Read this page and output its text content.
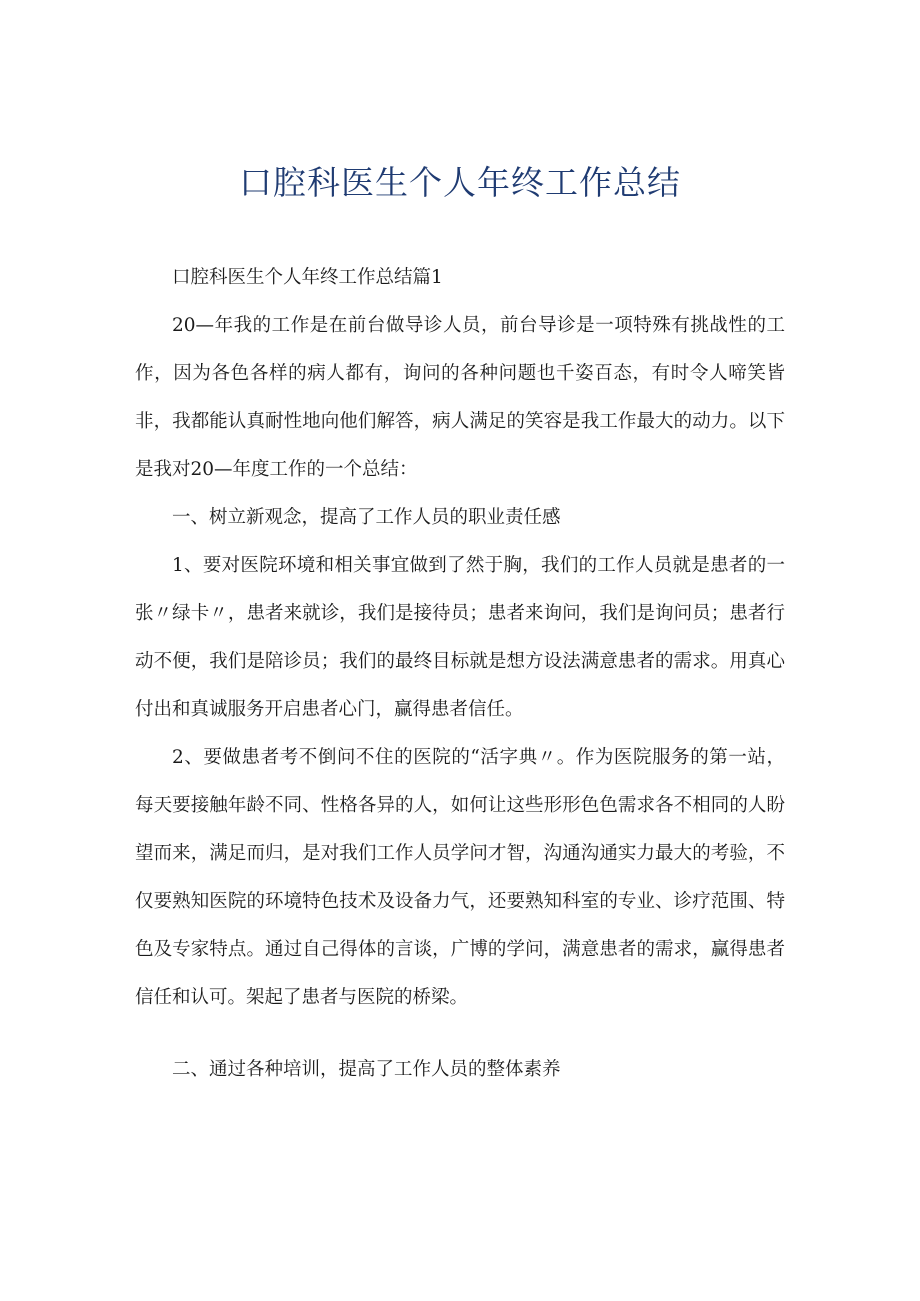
口腔科医生个人年终工作总结

口腔科医生个人年终工作总结篇1

20—年我的工作是在前台做导诊人员，前台导诊是一项特殊有挑战性的工作，因为各色各样的病人都有，询问的各种问题也千姿百态，有时令人啼笑皆非，我都能认真耐性地向他们解答，病人满足的笑容是我工作最大的动力。以下是我对20—年度工作的一个总结：

一、树立新观念，提高了工作人员的职业责任感

1、要对医院环境和相关事宜做到了然于胸，我们的工作人员就是患者的一张〃绿卡〃，患者来就诊，我们是接待员；患者来询问，我们是询问员；患者行动不便，我们是陪诊员；我们的最终目标就是想方设法满意患者的需求。用真心付出和真诚服务开启患者心门，赢得患者信任。

2、要做患者考不倒问不住的医院的“活字典〃。作为医院服务的第一站，每天要接触年龄不同、性格各异的人，如何让这些形形色色需求各不相同的人盼望而来，满足而归，是对我们工作人员学问才智，沟通沟通实力最大的考验，不仅要熟知医院的环境特色技术及设备力气，还要熟知科室的专业、诊疗范围、特色及专家特点。通过自己得体的言谈，广博的学问，满意患者的需求，赢得患者信任和认可。架起了患者与医院的桥梁。

二、通过各种培训，提高了工作人员的整体素养
